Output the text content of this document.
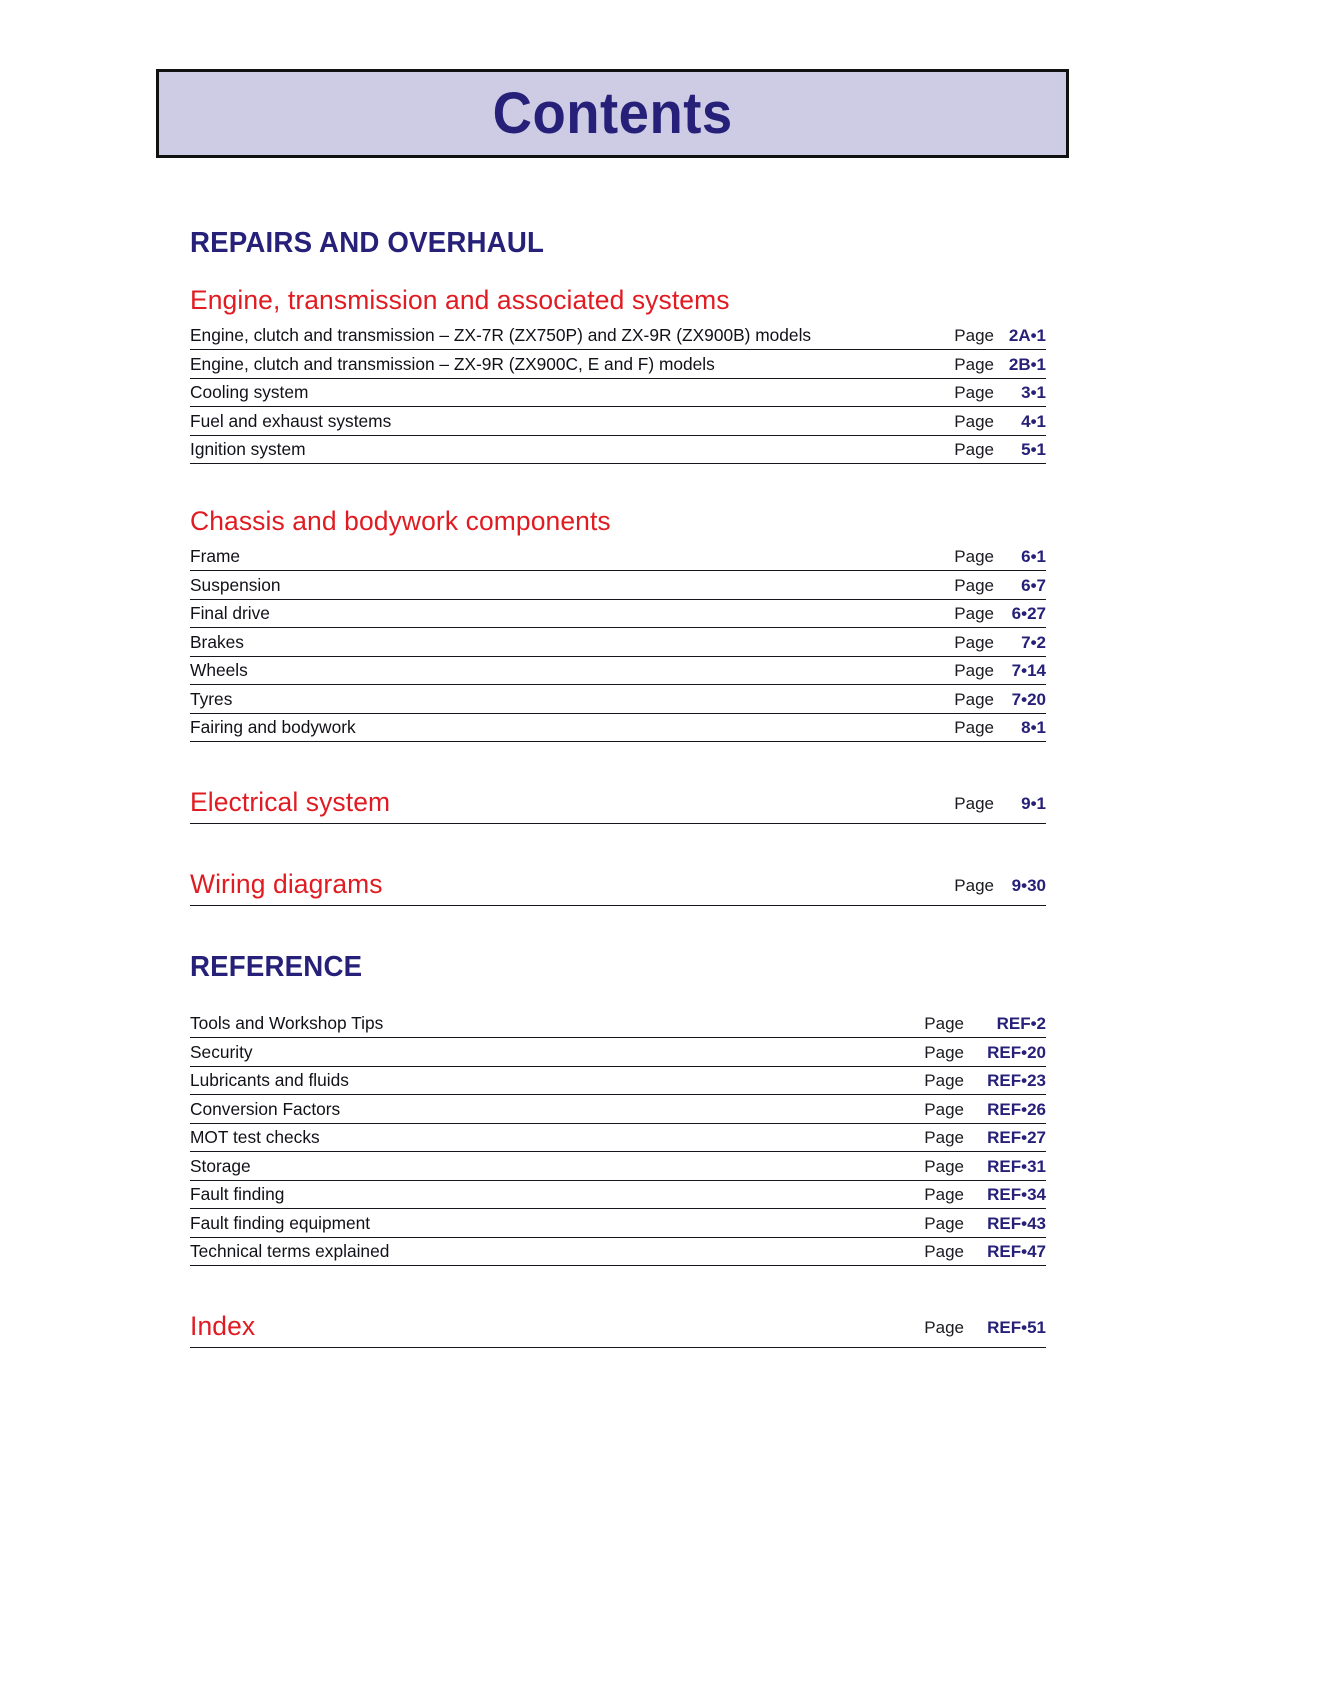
Contents
REPAIRS AND OVERHAUL
Engine, transmission and associated systems
Engine, clutch and transmission – ZX-7R (ZX750P) and ZX-9R (ZX900B) models	Page 2A•1
Engine, clutch and transmission – ZX-9R (ZX900C, E and F) models	Page 2B•1
Cooling system	Page	3•1
Fuel and exhaust systems	Page	4•1
Ignition system	Page	5•1
Chassis and bodywork components
Frame	Page	6•1
Suspension	Page	6•7
Final drive	Page	6•27
Brakes	Page	7•2
Wheels	Page	7•14
Tyres	Page	7•20
Fairing and bodywork	Page	8•1
Electrical system	Page	9•1
Wiring diagrams	Page	9•30
REFERENCE
Tools and Workshop Tips	Page	REF•2
Security	Page	REF•20
Lubricants and fluids	Page	REF•23
Conversion Factors	Page	REF•26
MOT test checks	Page	REF•27
Storage	Page	REF•31
Fault finding	Page	REF•34
Fault finding equipment	Page	REF•43
Technical terms explained	Page	REF•47
Index	Page	REF•51
